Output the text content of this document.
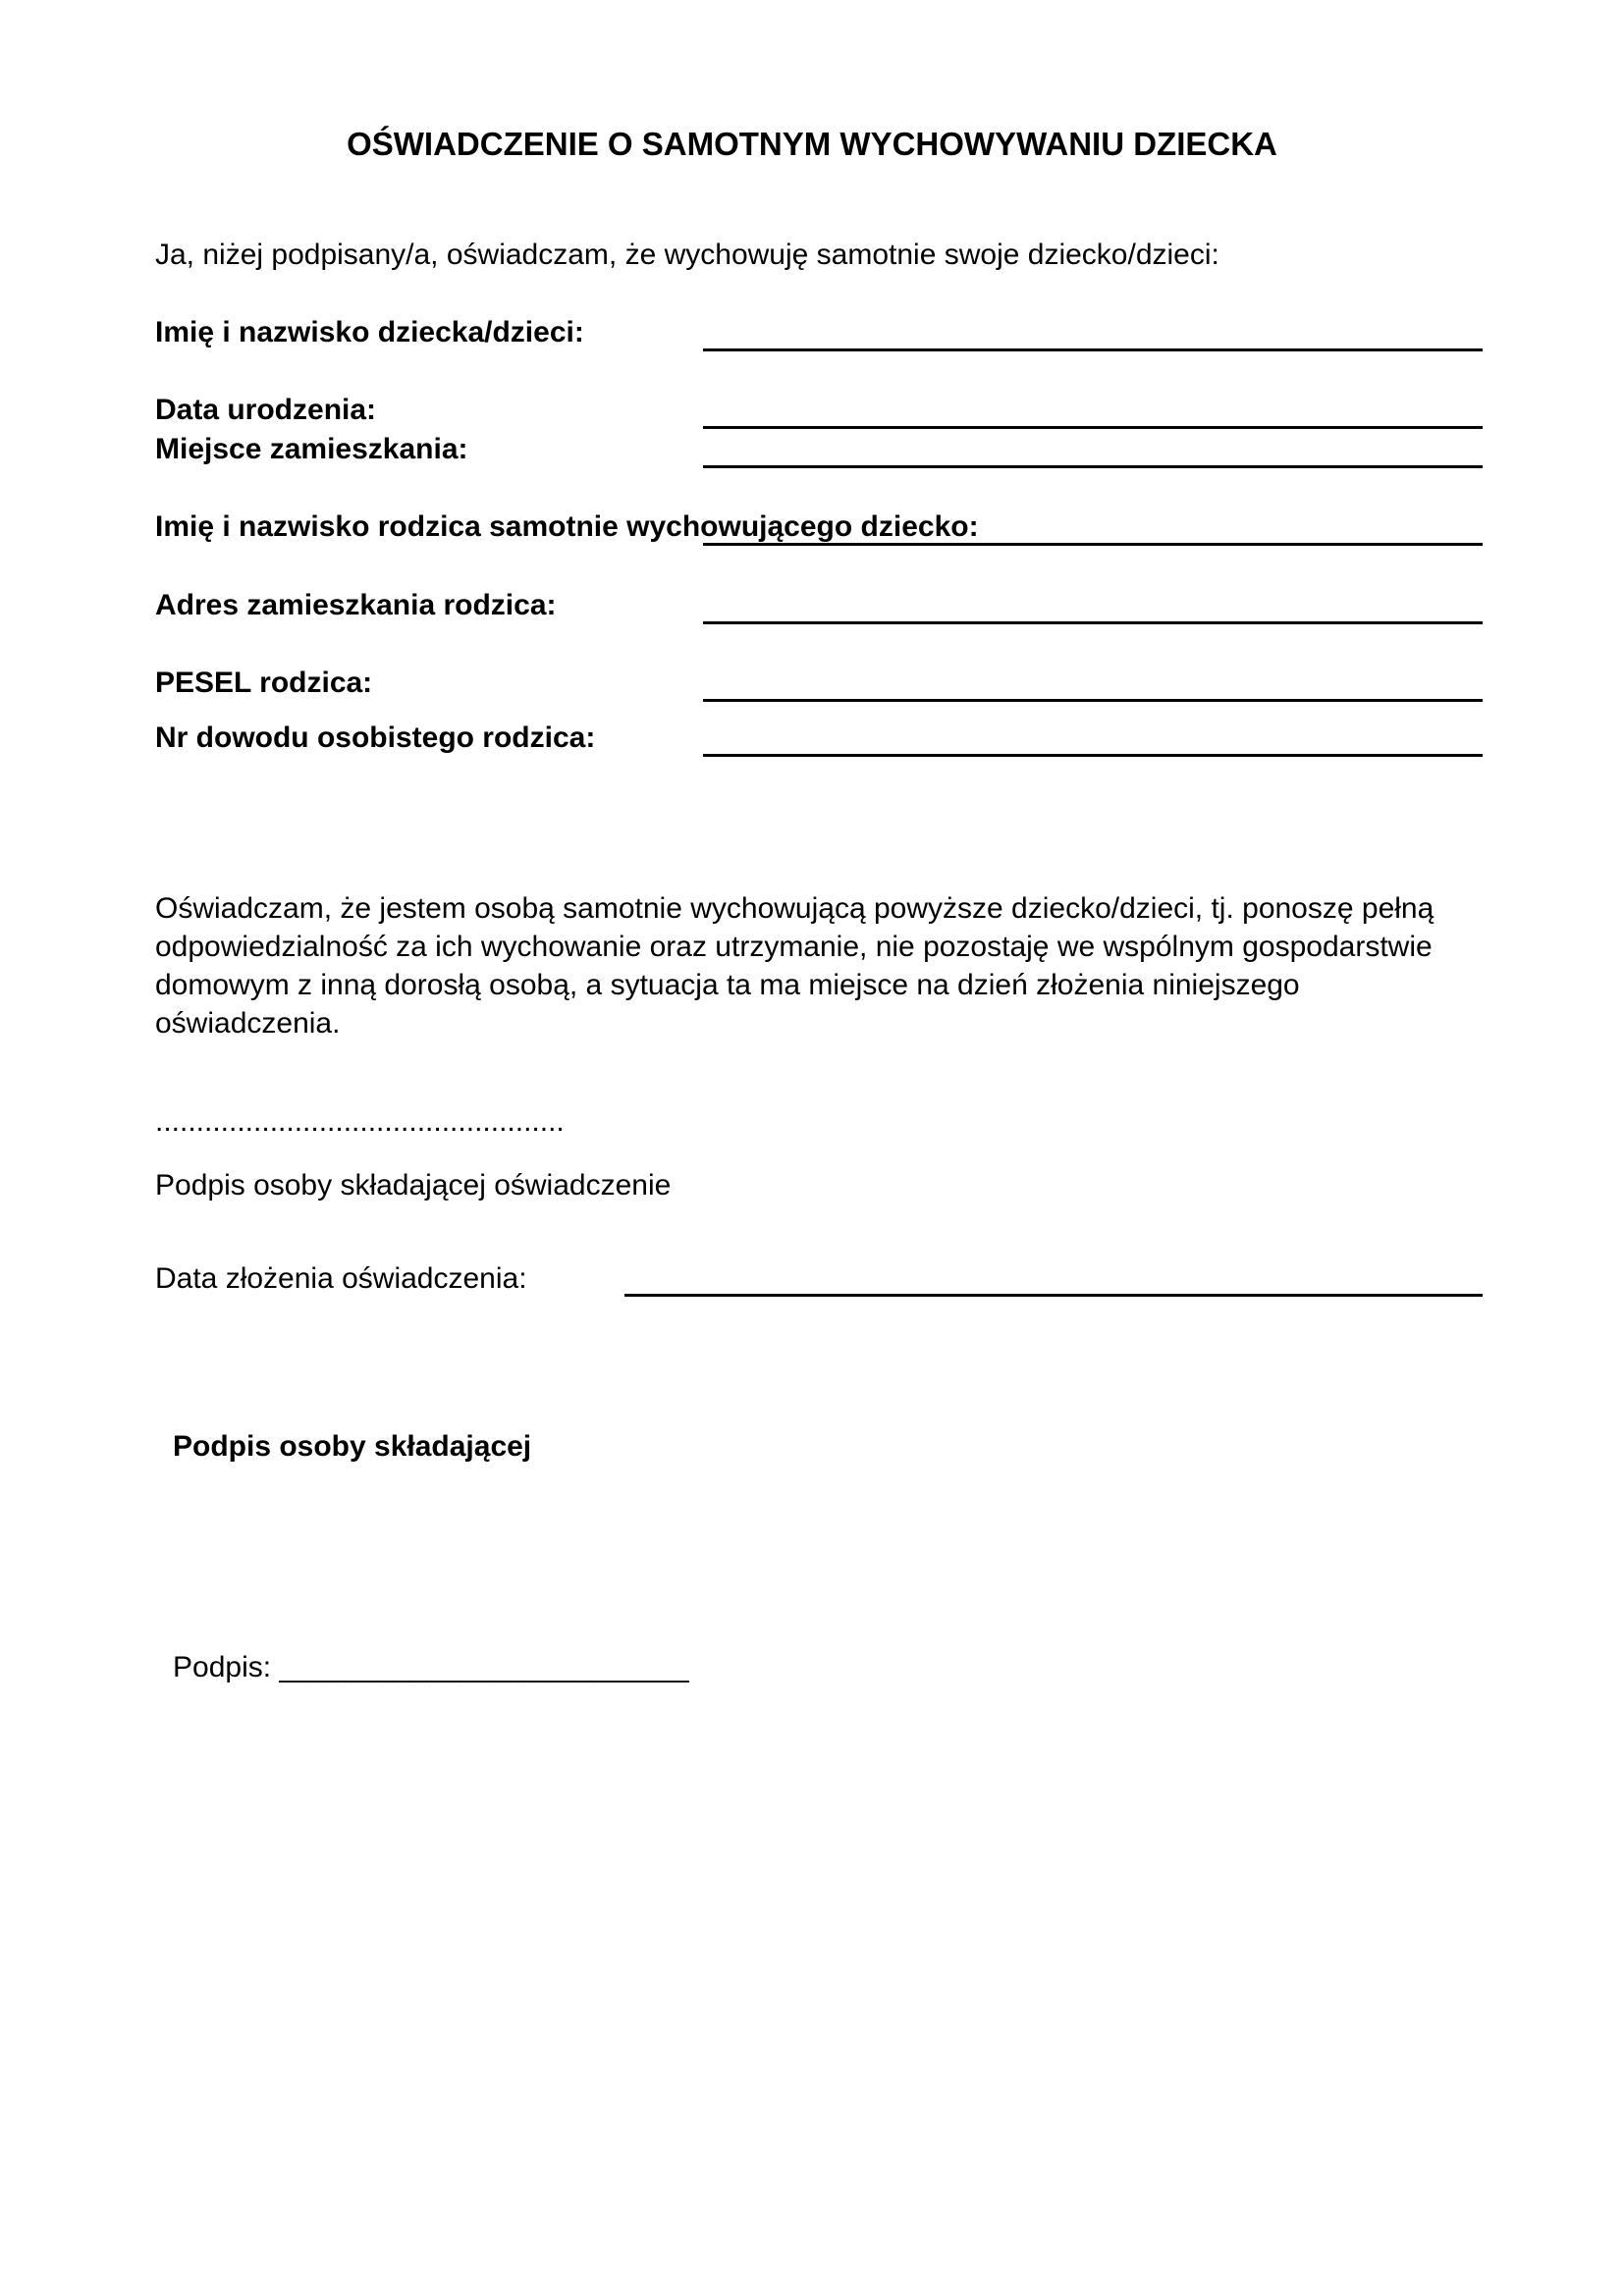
OŚWIADCZENIE O SAMOTNYM WYCHOWYWANIU DZIECKA
Ja, niżej podpisany/a, oświadczam, że wychowuję samotnie swoje dziecko/dzieci:
Imię i nazwisko dziecka/dzieci:
Data urodzenia:
Miejsce zamieszkania:
Imię i nazwisko rodzica samotnie wychowującego dziecko:
Adres zamieszkania rodzica:
PESEL rodzica:
Nr dowodu osobistego rodzica:
Oświadczam, że jestem osobą samotnie wychowującą powyższe dziecko/dzieci, tj. ponoszę pełną odpowiedzialność za ich wychowanie oraz utrzymanie, nie pozostaję we wspólnym gospodarstwie domowym z inną dorosłą osobą, a sytuacja ta ma miejsce na dzień złożenia niniejszego oświadczenia.
..................................................
Podpis osoby składającej oświadczenie
Data złożenia oświadczenia:
Podpis osoby składającej
Podpis: _________________________
